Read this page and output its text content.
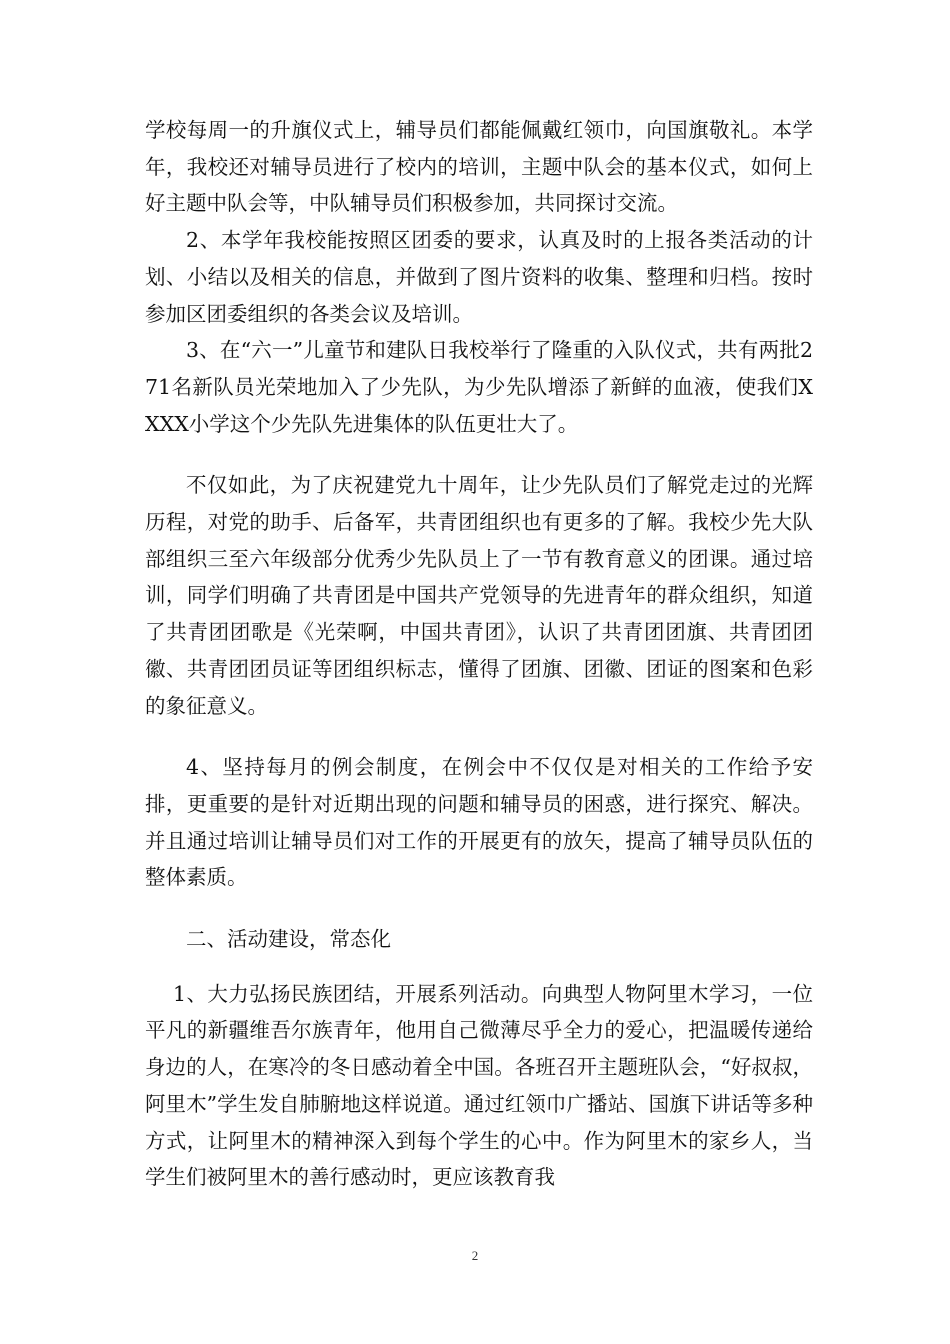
学校每周一的升旗仪式上，辅导员们都能佩戴红领巾，向国旗敬礼。本学年，我校还对辅导员进行了校内的培训，主题中队会的基本仪式，如何上好主题中队会等，中队辅导员们积极参加，共同探讨交流。

2、本学年我校能按照区团委的要求，认真及时的上报各类活动的计划、小结以及相关的信息，并做到了图片资料的收集、整理和归档。按时参加区团委组织的各类会议及培训。

3、在“六一”儿童节和建队日我校举行了隆重的入队仪式，共有两批271名新队员光荣地加入了少先队，为少先队增添了新鲜的血液，使我们XXXX小学这个少先队先进集体的队伍更壮大了。

不仅如此，为了庆祝建党九十周年，让少先队员们了解党走过的光辉历程，对党的助手、后备军，共青团组织也有更多的了解。我校少先大队部组织三至六年级部分优秀少先队员上了一节有教育意义的团课。通过培训，同学们明确了共青团是中国共产党领导的先进青年的群众组织，知道了共青团团歌是《光荣啊，中国共青团》，认识了共青团团旗、共青团团徽、共青团团员证等团组织标志，懂得了团旗、团徽、团证的图案和色彩的象征意义。

4、坚持每月的例会制度，在例会中不仅仅是对相关的工作给予安排，更重要的是针对近期出现的问题和辅导员的困惑，进行探究、解决。并且通过培训让辅导员们对工作的开展更有的放矢，提高了辅导员队伍的整体素质。

二、活动建设，常态化

1、大力弘扬民族团结，开展系列活动。向典型人物阿里木学习，一位平凡的新疆维吾尔族青年，他用自己微薄尽乎全力的爱心，把温暖传递给身边的人，在寒冷的冬日感动着全中国。各班召开主题班队会，“好叔叔，阿里木”学生发自肺腑地这样说道。通过红领巾广播站、国旗下讲话等多种方式，让阿里木的精神深入到每个学生的心中。作为阿里木的家乡人，当学生们被阿里木的善行感动时，更应该教育我

2
